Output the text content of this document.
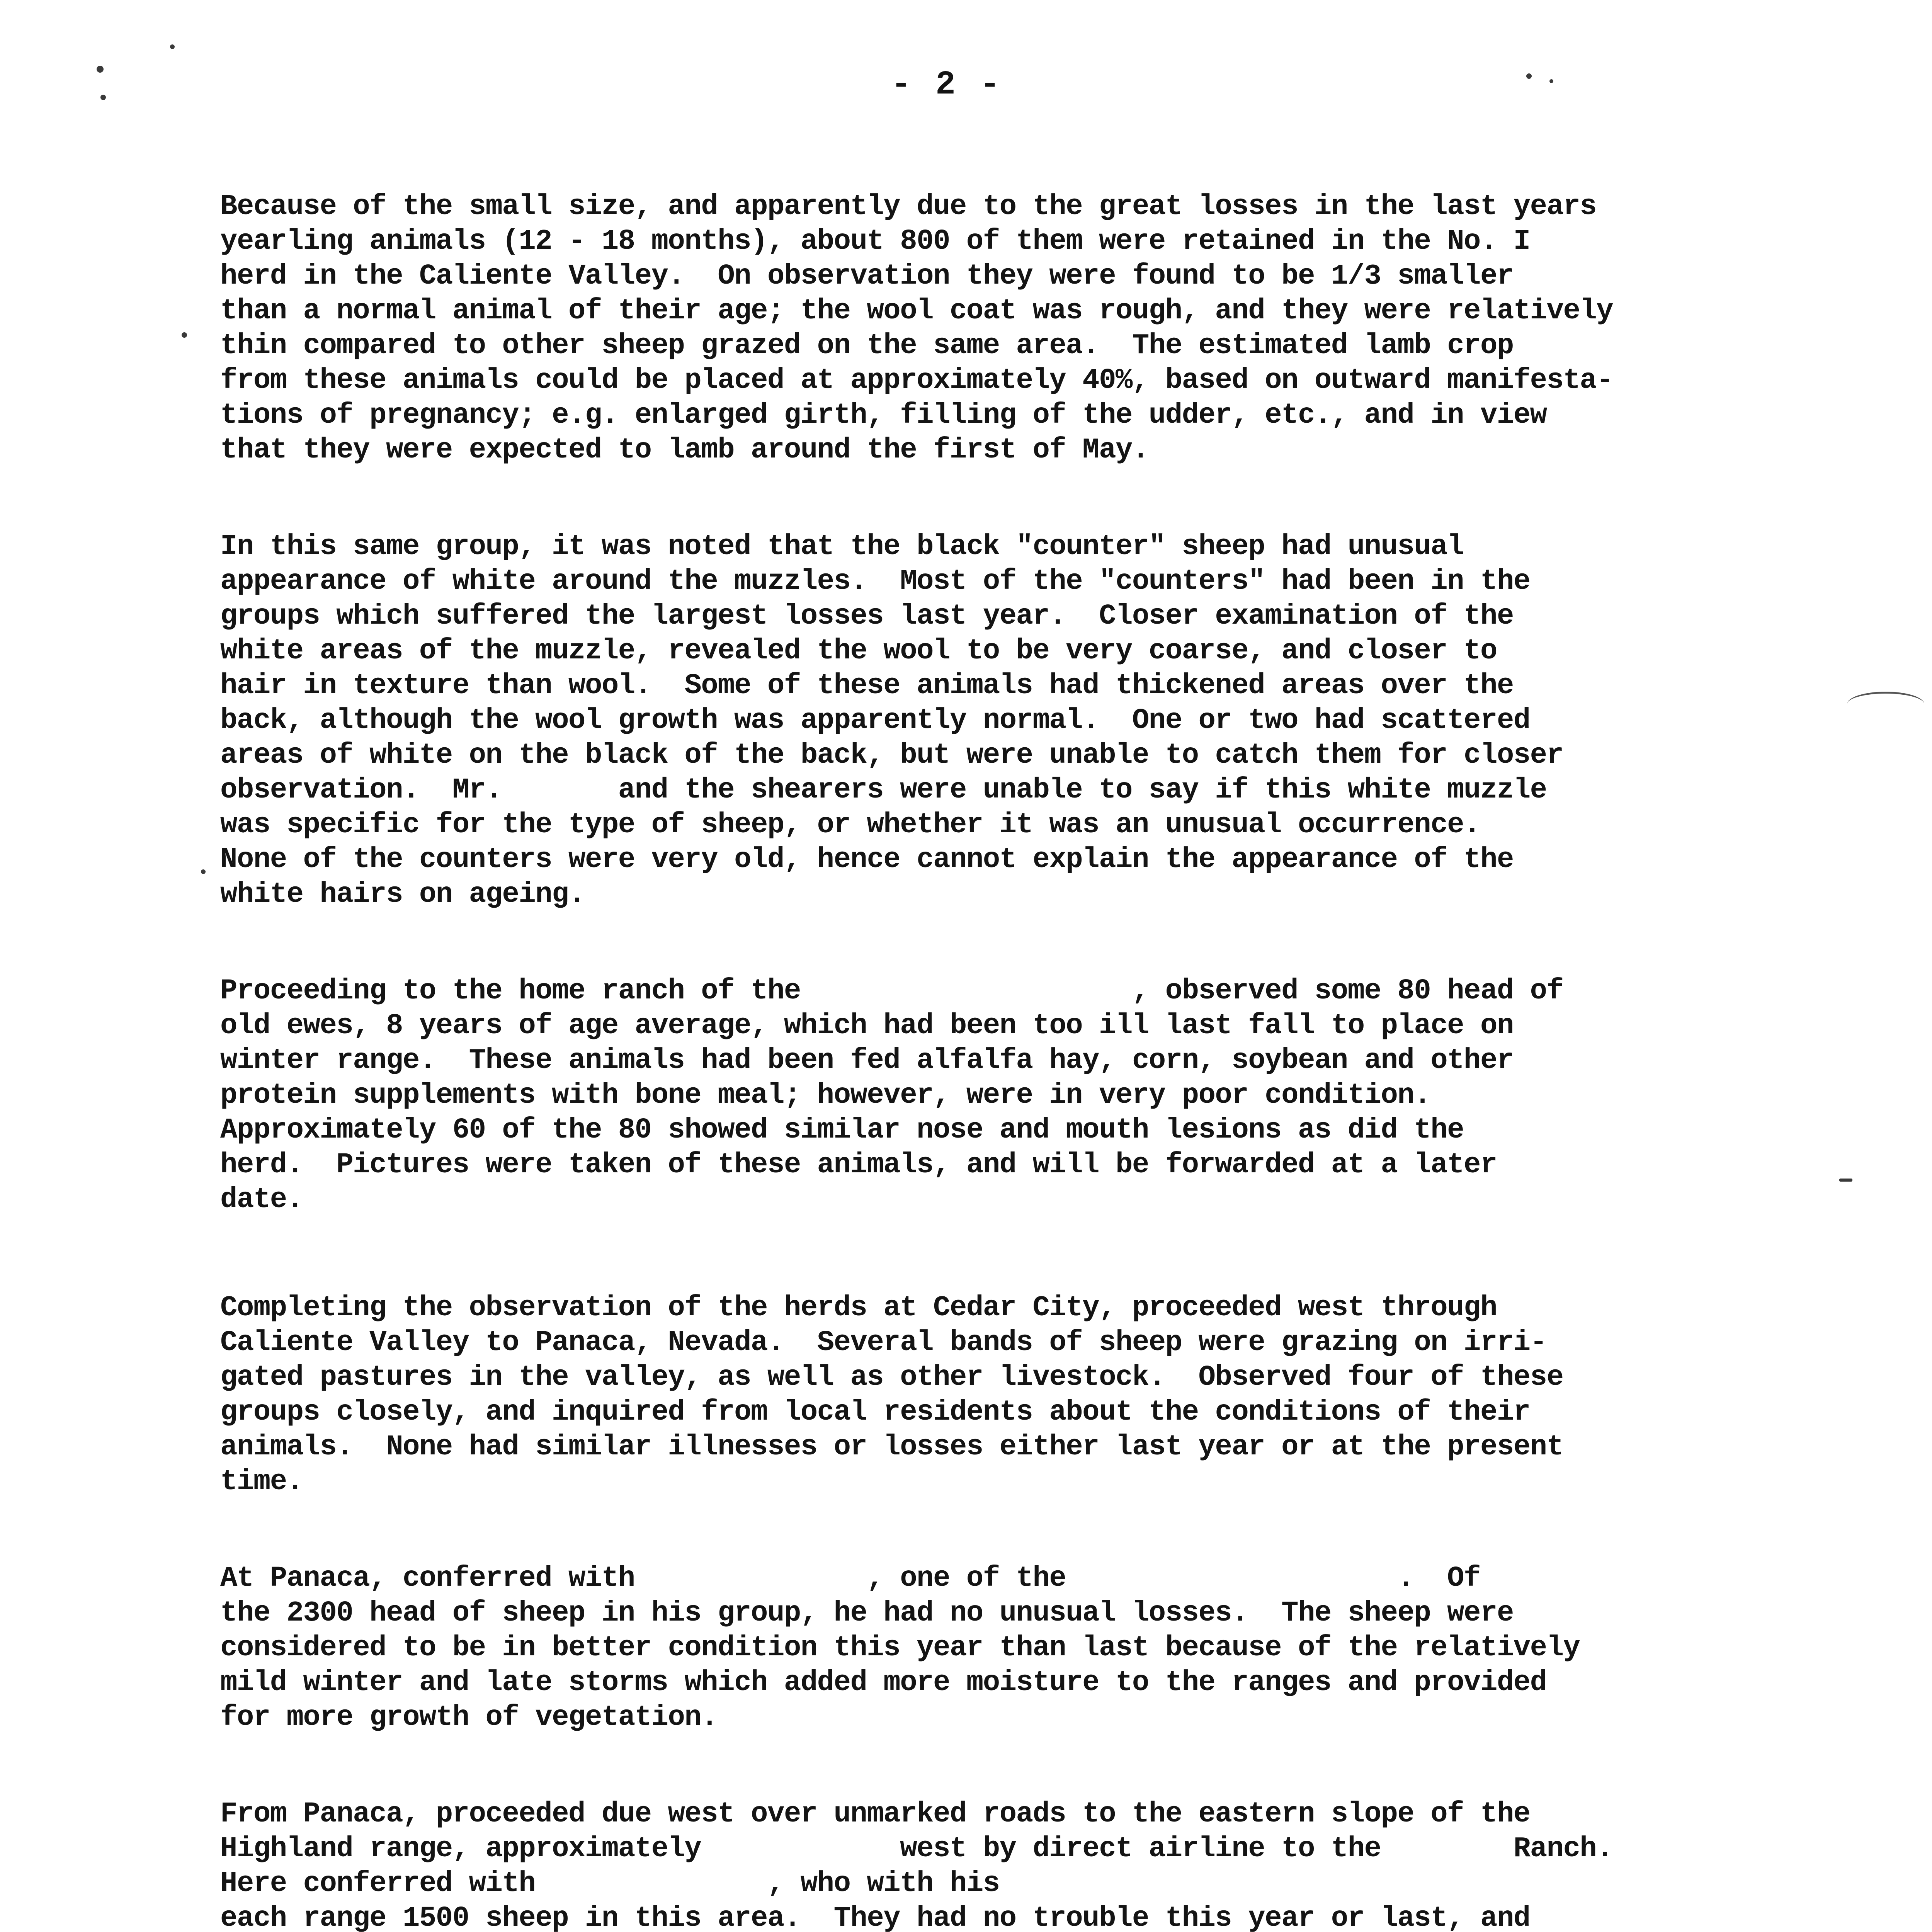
- 2 -
Because of the small size, and apparently due to the great losses in the last years
yearling animals (12 - 18 months), about 800 of them were retained in the No. I
herd in the Caliente Valley.  On observation they were found to be 1/3 smaller
than a normal animal of their age; the wool coat was rough, and they were relatively
thin compared to other sheep grazed on the same area.  The estimated lamb crop
from these animals could be placed at approximately 40%, based on outward manifesta-
tions of pregnancy; e.g. enlarged girth, filling of the udder, etc., and in view
that they were expected to lamb around the first of May.
In this same group, it was noted that the black "counter" sheep had unusual
appearance of white around the muzzles.  Most of the "counters" had been in the
groups which suffered the largest losses last year.  Closer examination of the
white areas of the muzzle, revealed the wool to be very coarse, and closer to
hair in texture than wool.  Some of these animals had thickened areas over the
back, although the wool growth was apparently normal.  One or two had scattered
areas of white on the black of the back, but were unable to catch them for closer
observation.  Mr.       and the shearers were unable to say if this white muzzle
was specific for the type of sheep, or whether it was an unusual occurrence.
None of the counters were very old, hence cannot explain the appearance of the
white hairs on ageing.
Proceeding to the home ranch of the                    , observed some 80 head of
old ewes, 8 years of age average, which had been too ill last fall to place on
winter range.  These animals had been fed alfalfa hay, corn, soybean and other
protein supplements with bone meal; however, were in very poor condition.
Approximately 60 of the 80 showed similar nose and mouth lesions as did the
herd.  Pictures were taken of these animals, and will be forwarded at a later
date.
Completing the observation of the herds at Cedar City, proceeded west through
Caliente Valley to Panaca, Nevada.  Several bands of sheep were grazing on irri-
gated pastures in the valley, as well as other livestock.  Observed four of these
groups closely, and inquired from local residents about the conditions of their
animals.  None had similar illnesses or losses either last year or at the present
time.
At Panaca, conferred with              , one of the                    .  Of
the 2300 head of sheep in his group, he had no unusual losses.  The sheep were
considered to be in better condition this year than last because of the relatively
mild winter and late storms which added more moisture to the ranges and provided
for more growth of vegetation.
From Panaca, proceeded due west over unmarked roads to the eastern slope of the
Highland range, approximately            west by direct airline to the        Ranch.
Here conferred with              , who with his
each range 1500 sheep in this area.  They had no trouble this year or last, and
